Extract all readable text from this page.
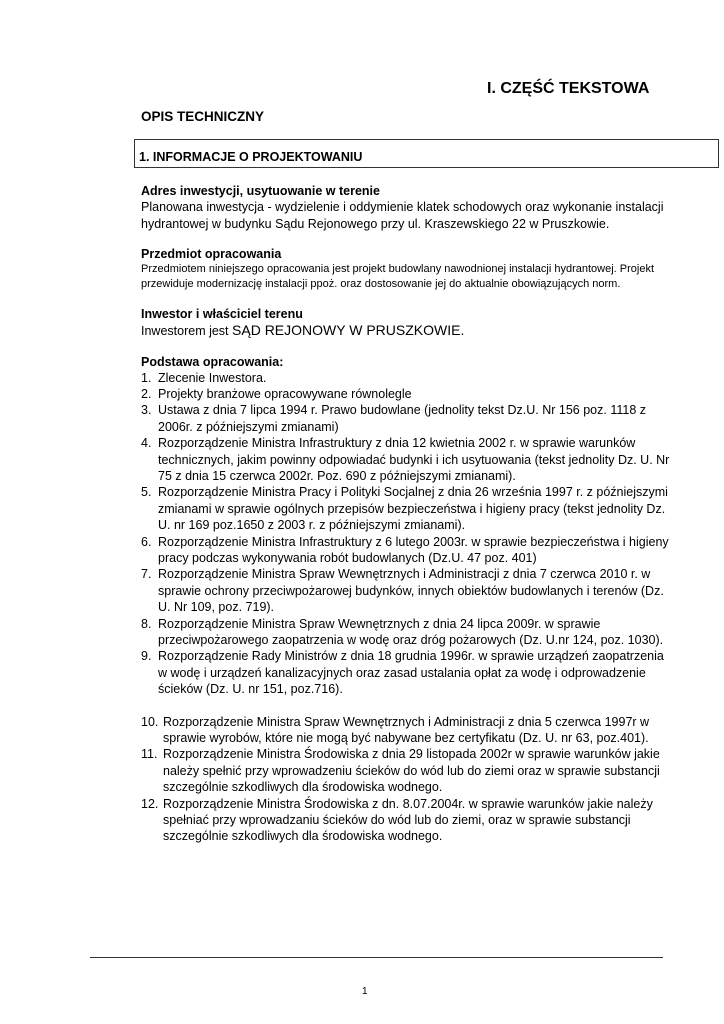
I. CZĘŚĆ TEKSTOWA
OPIS TECHNICZNY
1. INFORMACJE O PROJEKTOWANIU
Adres inwestycji, usytuowanie w terenie

Planowana inwestycja - wydzielenie i oddymienie klatek schodowych oraz wykonanie instalacji hydrantowej w budynku Sądu Rejonowego przy ul. Kraszewskiego 22 w Pruszkowie.

Przedmiot opracowania

Przedmiotem niniejszego opracowania jest projekt budowlany nawodnionej instalacji hydrantowej. Projekt przewiduje modernizację instalacji ppoż. oraz dostosowanie jej do aktualnie obowiązujących norm.

Inwestor i właściciel terenu

Inwestorem jest SĄD REJONOWY W PRUSZKOWIE.

Podstawa opracowania:
1. Zlecenie Inwestora.
2. Projekty branżowe opracowywane równolegle
3. Ustawa z dnia 7 lipca 1994 r. Prawo budowlane (jednolity tekst Dz.U. Nr 156 poz. 1118 z 2006r. z późniejszymi zmianami)
4. Rozporządzenie Ministra Infrastruktury z dnia 12 kwietnia 2002 r. w sprawie warunków technicznych, jakim powinny odpowiadać budynki i ich usytuowania (tekst jednolity Dz. U. Nr 75 z dnia 15 czerwca 2002r. Poz. 690 z późniejszymi zmianami).
5. Rozporządzenie Ministra Pracy i Polityki Socjalnej z dnia 26 września 1997 r. z późniejszymi zmianami w sprawie ogólnych przepisów bezpieczeństwa i higieny pracy (tekst jednolity Dz. U. nr 169 poz.1650 z 2003 r. z późniejszymi zmianami).
6. Rozporządzenie Ministra Infrastruktury z 6 lutego 2003r. w sprawie bezpieczeństwa i higieny pracy podczas wykonywania robót budowlanych (Dz.U. 47 poz. 401)
7. Rozporządzenie Ministra Spraw Wewnętrznych i Administracji z dnia 7 czerwca 2010 r. w sprawie ochrony przeciwpożarowej budynków, innych obiektów budowlanych i terenów (Dz. U. Nr 109, poz. 719).
8. Rozporządzenie Ministra Spraw Wewnętrznych z dnia 24 lipca 2009r. w sprawie przeciwpożarowego zaopatrzenia w wodę oraz dróg pożarowych (Dz. U.nr 124, poz. 1030).
9. Rozporządzenie Rady Ministrów z dnia 18 grudnia 1996r. w sprawie urządzeń zaopatrzenia w wodę i urządzeń kanalizacyjnych oraz zasad ustalania opłat za wodę i odprowadzenie ścieków (Dz. U. nr 151, poz.716).
10. Rozporządzenie Ministra Spraw Wewnętrznych i Administracji z dnia 5 czerwca 1997r w sprawie wyrobów, które nie mogą być nabywane bez certyfikatu (Dz. U. nr 63, poz.401).
11. Rozporządzenie Ministra Środowiska z dnia 29 listopada 2002r w sprawie warunków jakie należy spełnić przy wprowadzeniu ścieków do wód lub do ziemi oraz w sprawie substancji szczególnie szkodliwych dla środowiska wodnego.
12. Rozporządzenie Ministra Środowiska z dn. 8.07.2004r. w sprawie warunków jakie należy spełniać przy wprowadzaniu ścieków do wód lub do ziemi, oraz w sprawie substancji szczególnie szkodliwych dla środowiska wodnego.
1
